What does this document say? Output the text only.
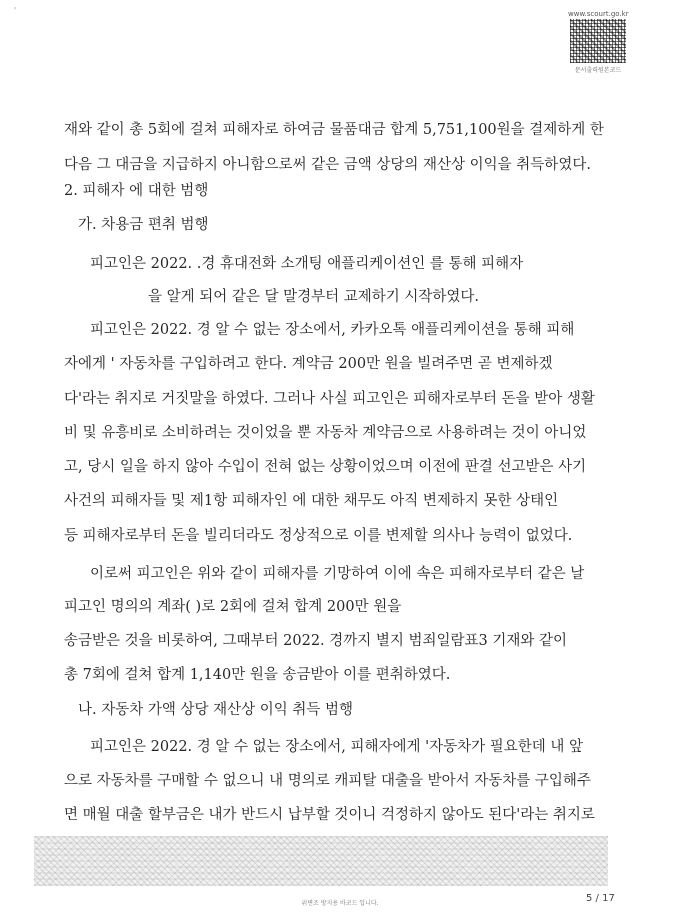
'	www.scourt.go.kr
문서출력원본코드
재와 같이 총 5회에 걸쳐 피해자로 하여금 물품대금 합계 5,751,100원을 결제하게 한
다음 그 대금을 지급하지 아니함으로써 같은 금액 상당의 재산상 이익을 취득하였다.
2. 피해자 에 대한 범행
가. 차용금 편취 범행
피고인은 2022. .경 휴대전화 소개팅 애플리케이션인 를 통해 피해자
을 알게 되어 같은 달 말경부터 교제하기 시작하였다.
피고인은 2022. 경 알 수 없는 장소에서, 카카오톡 애플리케이션을 통해 피해
자에게 ' 자동차를 구입하려고 한다. 계약금 200만 원을 빌려주면 곧 변제하겠
다'라는 취지로 거짓말을 하였다. 그러나 사실 피고인은 피해자로부터 돈을 받아 생활
비 및 유흥비로 소비하려는 것이었을 뿐 자동차 계약금으로 사용하려는 것이 아니었
고, 당시 일을 하지 않아 수입이 전혀 없는 상황이었으며 이전에 판결 선고받은 사기
사건의 피해자들 및 제1항 피해자인 에 대한 채무도 아직 변제하지 못한 상태인
등 피해자로부터 돈을 빌리더라도 정상적으로 이를 변제할 의사나 능력이 없었다.
이로써 피고인은 위와 같이 피해자를 기망하여 이에 속은 피해자로부터 같은 날
피고인 명의의 계좌( )로 2회에 걸쳐 합계 200만 원을
송금받은 것을 비롯하여, 그때부터 2022. 경까지 별지 범죄일람표3 기재와 같이
총 7회에 걸쳐 합계 1,140만 원을 송금받아 이를 편취하였다.
나. 자동차 가액 상당 재산상 이익 취득 범행
피고인은 2022. 경 알 수 없는 장소에서, 피해자에게 '자동차가 필요한데 내 앞
으로 자동차를 구매할 수 없으니 내 명의로 캐피탈 대출을 받아서 자동차를 구입해주
면 매월 대출 할부금은 내가 반드시 납부할 것이니 걱정하지 않아도 된다'라는 취지로
위변조 방지용 바코드 입니다.	5 / 17
